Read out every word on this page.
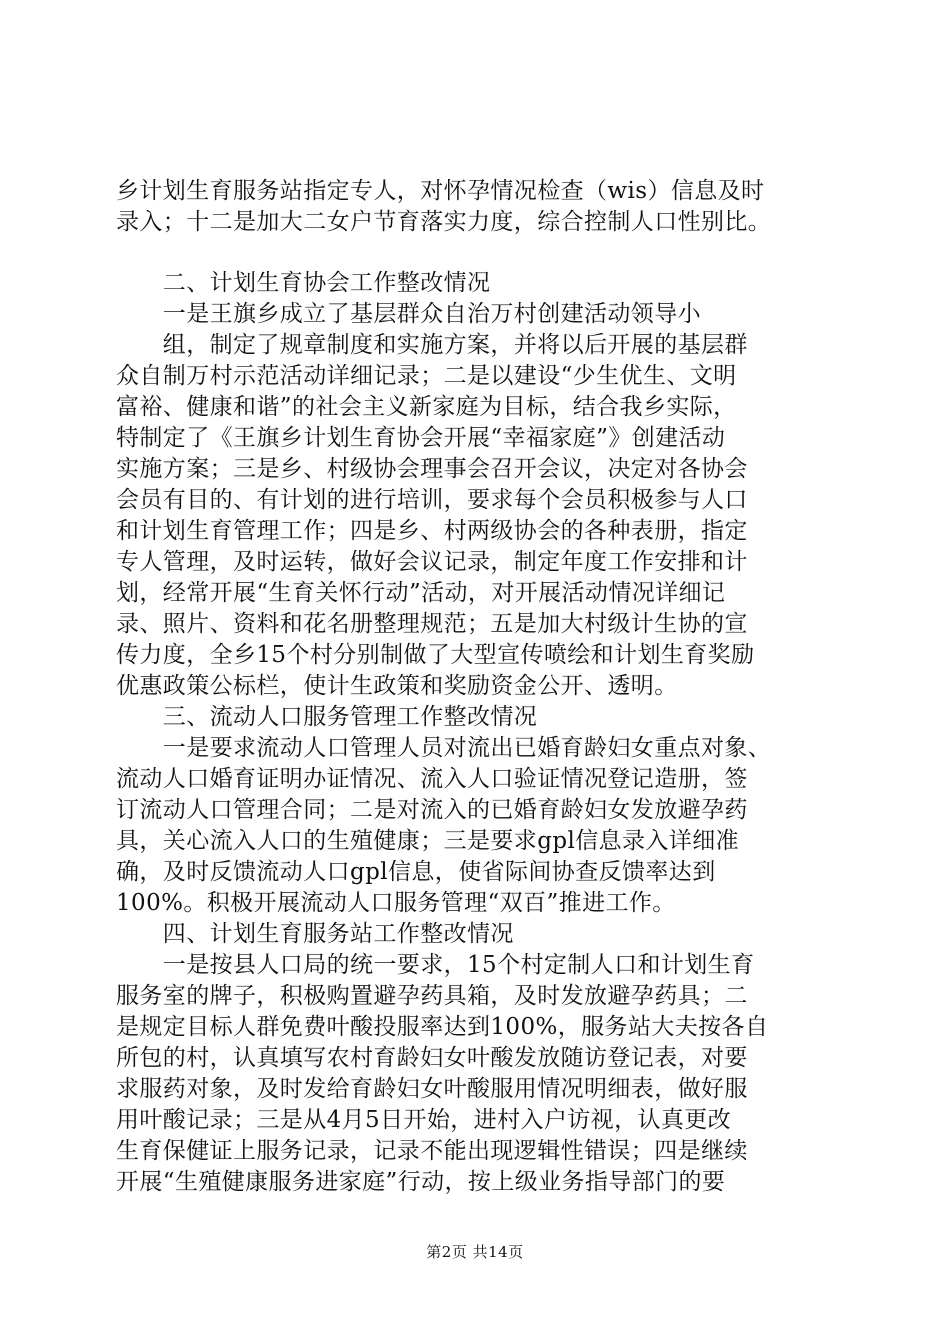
乡计划生育服务站指定专人，对怀孕情况检查（wis）信息及时
录入；十二是加大二女户节育落实力度，综合控制人口性别比。
　　二、计划生育协会工作整改情况
　　一是王旗乡成立了基层群众自治万村创建活动领导小
　　组，制定了规章制度和实施方案，并将以后开展的基层群
众自制万村示范活动详细记录；二是以建设“少生优生、文明
富裕、健康和谐”的社会主义新家庭为目标，结合我乡实际，
特制定了《王旗乡计划生育协会开展“幸福家庭”》创建活动
实施方案；三是乡、村级协会理事会召开会议，决定对各协会
会员有目的、有计划的进行培训，要求每个会员积极参与人口
和计划生育管理工作；四是乡、村两级协会的各种表册，指定
专人管理，及时运转，做好会议记录，制定年度工作安排和计
划，经常开展“生育关怀行动”活动，对开展活动情况详细记
录、照片、资料和花名册整理规范；五是加大村级计生协的宣
传力度，全乡15个村分别制做了大型宣传喷绘和计划生育奖励
优惠政策公标栏，使计生政策和奖励资金公开、透明。
　　三、流动人口服务管理工作整改情况
　　一是要求流动人口管理人员对流出已婚育龄妇女重点对象、
流动人口婚育证明办证情况、流入人口验证情况登记造册，签
订流动人口管理合同；二是对流入的已婚育龄妇女发放避孕药
具，关心流入人口的生殖健康；三是要求gpl信息录入详细准
确，及时反馈流动人口gpl信息，使省际间协查反馈率达到
100%。积极开展流动人口服务管理“双百”推进工作。
　　四、计划生育服务站工作整改情况
　　一是按县人口局的统一要求，15个村定制人口和计划生育
服务室的牌子，积极购置避孕药具箱，及时发放避孕药具；二
是规定目标人群免费叶酸投服率达到100%，服务站大夫按各自
所包的村，认真填写农村育龄妇女叶酸发放随访登记表，对要
求服药对象，及时发给育龄妇女叶酸服用情况明细表，做好服
用叶酸记录；三是从4月5日开始，进村入户访视，认真更改
生育保健证上服务记录，记录不能出现逻辑性错误；四是继续
开展“生殖健康服务进家庭”行动，按上级业务指导部门的要
第2页 共14页
